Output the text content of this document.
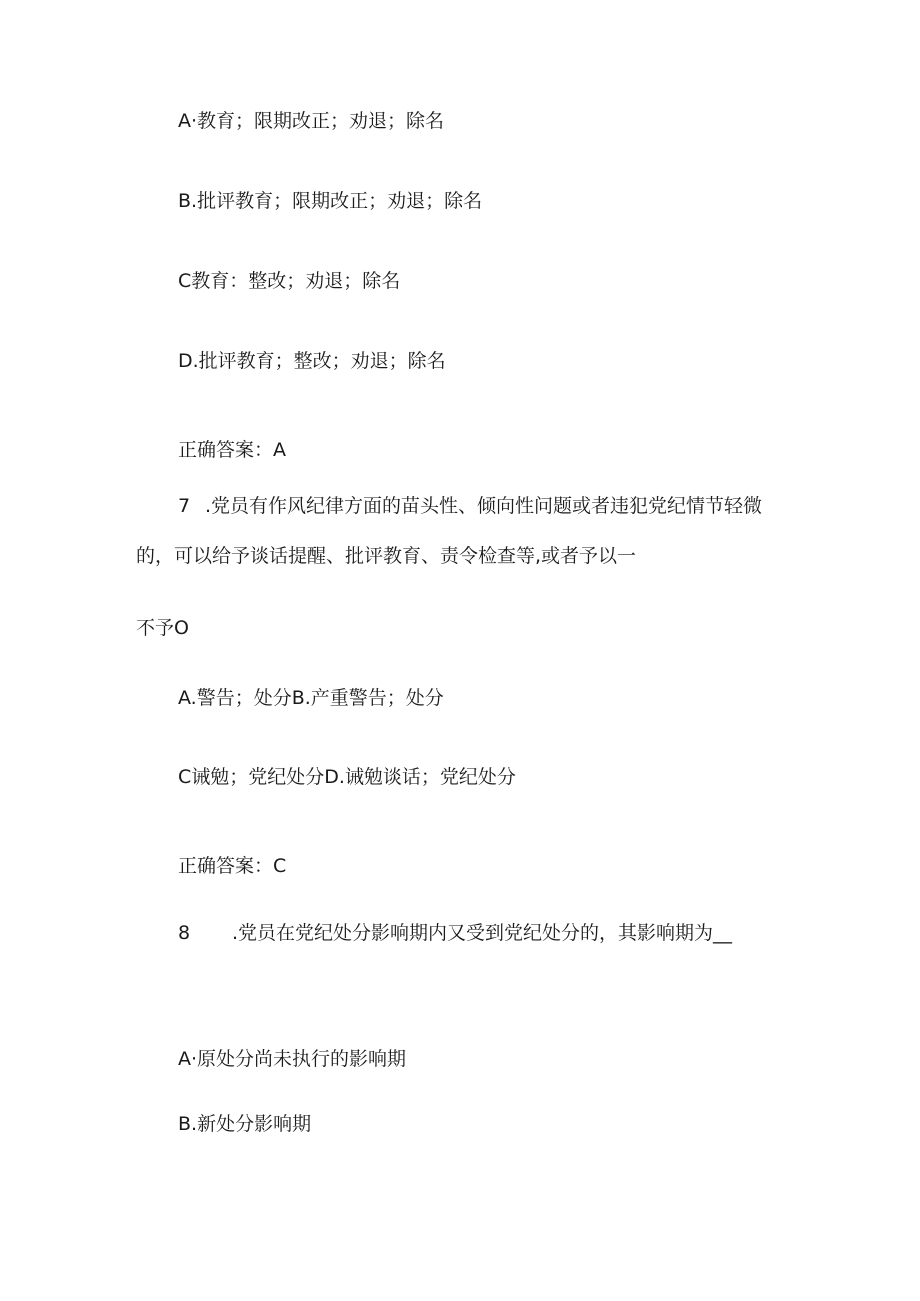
A·教育；限期改正；劝退；除名
B.批评教育；限期改正；劝退；除名
C教育：整改；劝退；除名
D.批评教育；整改；劝退；除名
正确答案：A
7 .党员有作风纪律方面的苗头性、倾向性问题或者违犯党纪情节轻微
的，可以给予谈话提醒、批评教育、责令检查等,或者予以一
不予O
A.警告；处分B.产重警告；处分
C诫勉；党纪处分D.诫勉谈话；党纪处分
正确答案：C
8 .党员在党纪处分影响期内又受到党纪处分的，其影响期为__
A·原处分尚未执行的影响期
B.新处分影响期
